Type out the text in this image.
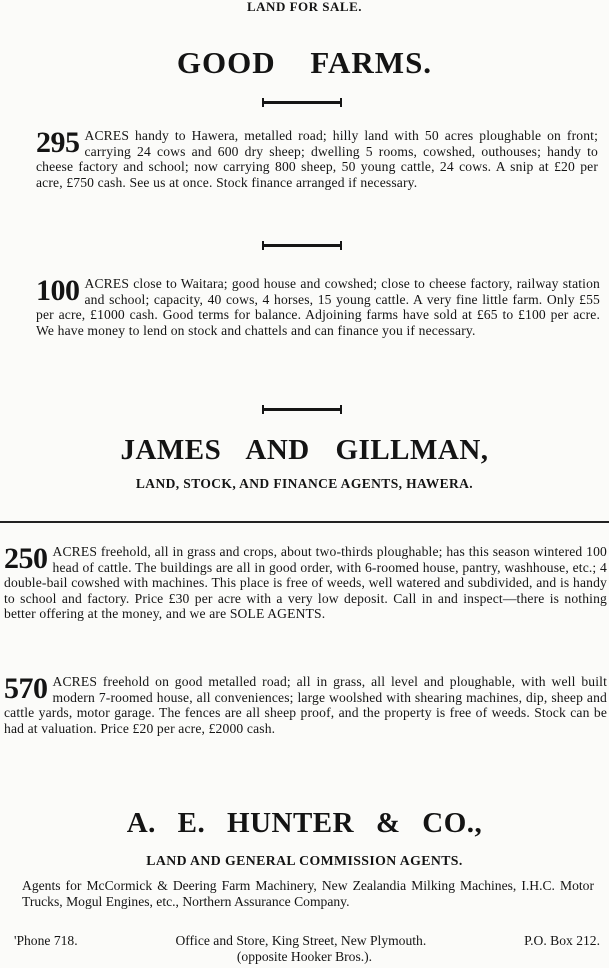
LAND FOR SALE.
GOOD FARMS.
295 ACRES handy to Hawera, metalled road; hilly land with 50 acres ploughable on front; carrying 24 cows and 600 dry sheep; dwelling 5 rooms, cowshed, outhouses; handy to cheese factory and school; now carrying 800 sheep, 50 young cattle, 24 cows. A snip at £20 per acre, £750 cash. See us at once. Stock finance arranged if necessary.
100 ACRES close to Waitara; good house and cowshed; close to cheese factory, railway station and school; capacity, 40 cows, 4 horses, 15 young cattle. A very fine little farm. Only £55 per acre, £1000 cash. Good terms for balance. Adjoining farms have sold at £65 to £100 per acre. We have money to lend on stock and chattels and can finance you if necessary.
JAMES AND GILLMAN,
LAND, STOCK, AND FINANCE AGENTS, HAWERA.
250 ACRES freehold, all in grass and crops, about two-thirds ploughable; has this season wintered 100 head of cattle. The buildings are all in good order, with 6-roomed house, pantry, washhouse, etc.; 4 double-bail cowshed with machines. This place is free of weeds, well watered and subdivided, and is handy to school and factory. Price £30 per acre with a very low deposit. Call in and inspect—there is nothing better offering at the money, and we are SOLE AGENTS.
570 ACRES freehold on good metalled road; all in grass, all level and ploughable, with well built modern 7-roomed house, all conveniences; large woolshed with shearing machines, dip, sheep and cattle yards, motor garage. The fences are all sheep proof, and the property is free of weeds. Stock can be had at valuation. Price £20 per acre, £2000 cash.
A. E. HUNTER & CO.,
LAND AND GENERAL COMMISSION AGENTS.
Agents for McCormick & Deering Farm Machinery, New Zealandia Milking Machines, I.H.C. Motor Trucks, Mogul Engines, etc., Northern Assurance Company.
'Phone 718.	Office and Store, King Street, New Plymouth.	P.O. Box 212.
(opposite Hooker Bros.).
